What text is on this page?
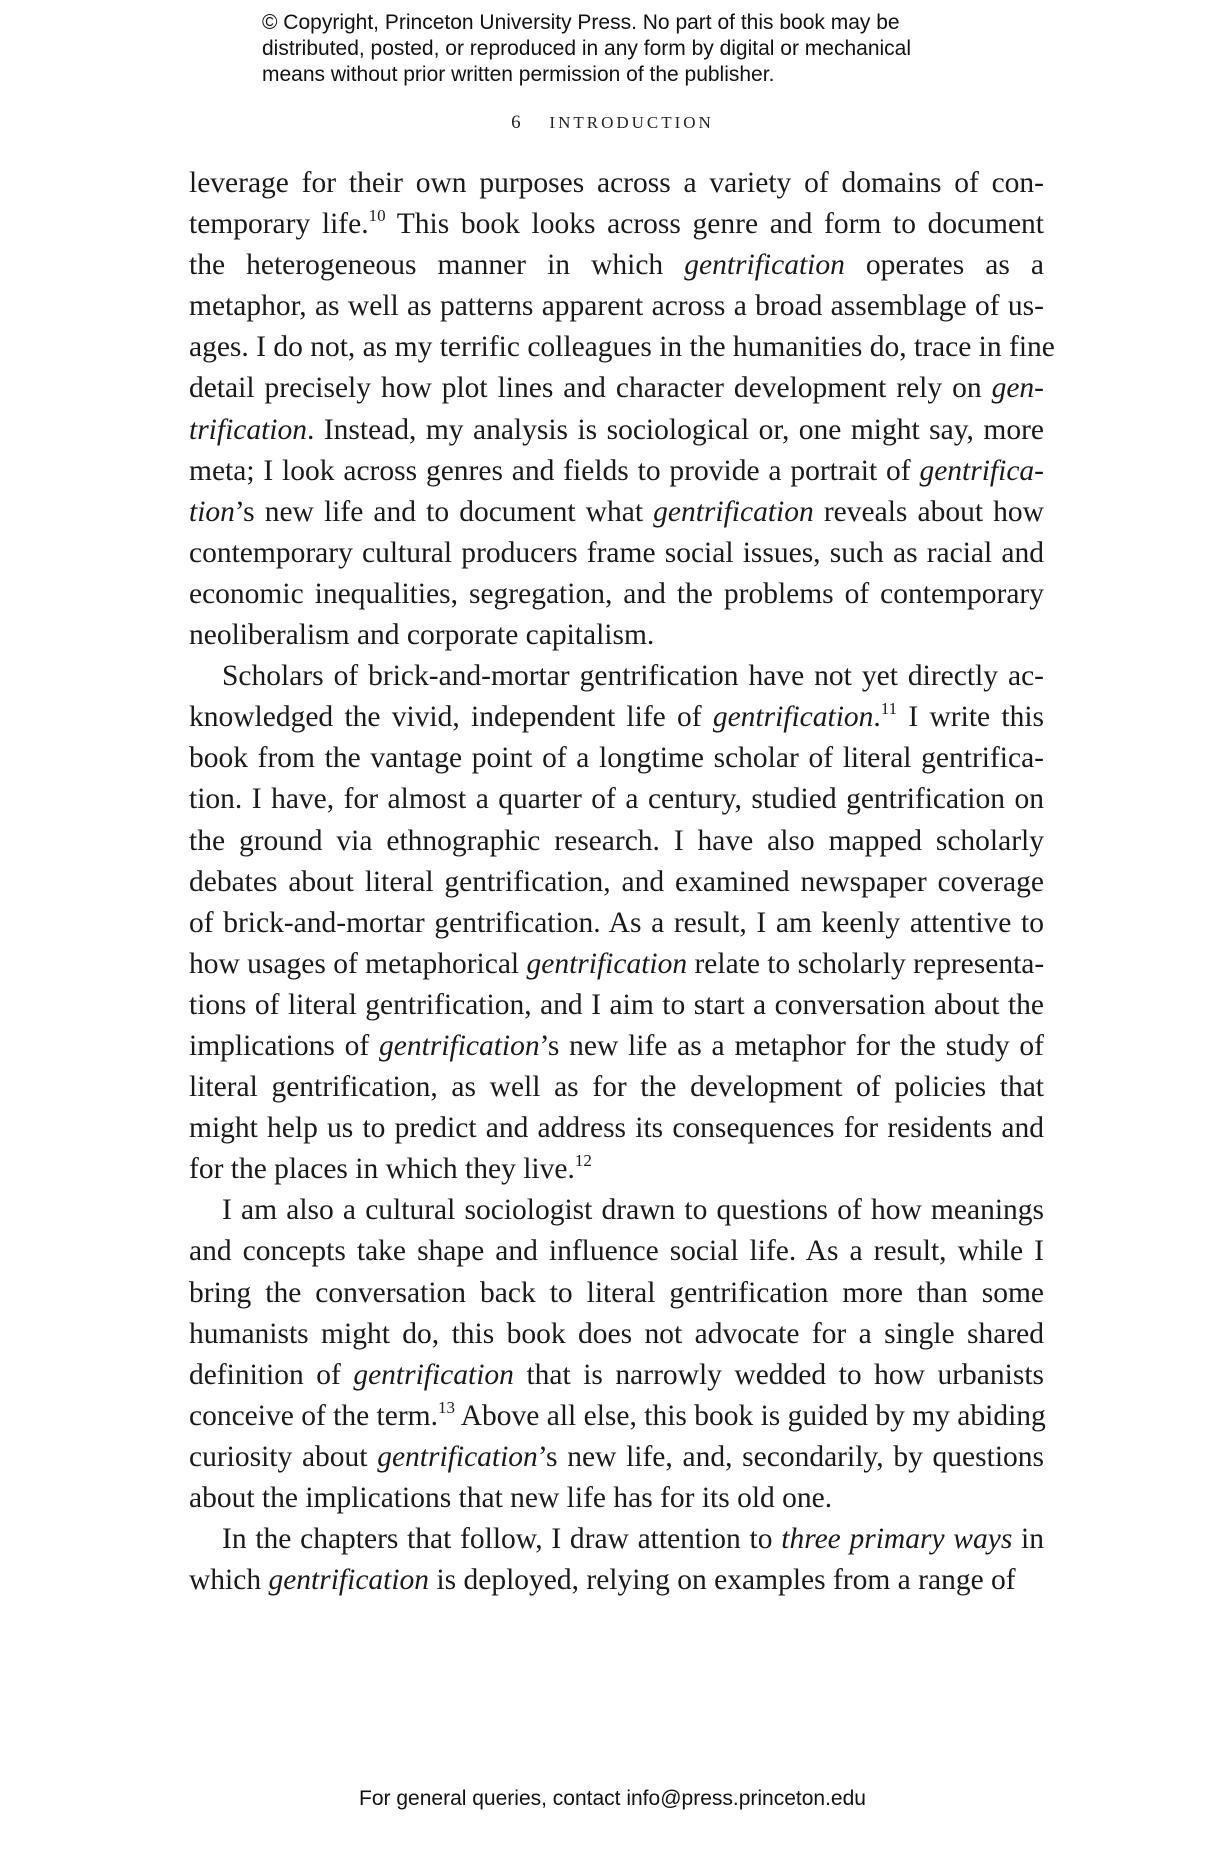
© Copyright, Princeton University Press. No part of this book may be
distributed, posted, or reproduced in any form by digital or mechanical
means without prior written permission of the publisher.
6 INTRODUCTION
leverage for their own purposes across a variety of domains of con-
temporary life.$^{10}$ This book looks across genre and form to document
the heterogeneous manner in which gentrification operates as a
metaphor, as well as patterns apparent across a broad assemblage of us-
ages. I do not, as my terrific colleagues in the humanities do, trace in fine
detail precisely how plot lines and character development rely on gen-
trification. Instead, my analysis is sociological or, one might say, more
meta; I look across genres and fields to provide a portrait of gentrifica-
tion’s new life and to document what gentrification reveals about how
contemporary cultural producers frame social issues, such as racial and
economic inequalities, segregation, and the problems of contemporary
neoliberalism and corporate capitalism.
Scholars of brick-and-mortar gentrification have not yet directly ac-
knowledged the vivid, independent life of gentrification.$^{11}$ I write this
book from the vantage point of a longtime scholar of literal gentrifica-
tion. I have, for almost a quarter of a century, studied gentrification on
the ground via ethnographic research. I have also mapped scholarly
debates about literal gentrification, and examined newspaper coverage
of brick-and-mortar gentrification. As a result, I am keenly attentive to
how usages of metaphorical gentrification relate to scholarly representa-
tions of literal gentrification, and I aim to start a conversation about the
implications of gentrification’s new life as a metaphor for the study of
literal gentrification, as well as for the development of policies that
might help us to predict and address its consequences for residents and
for the places in which they live.$^{12}$
I am also a cultural sociologist drawn to questions of how meanings
and concepts take shape and influence social life. As a result, while I
bring the conversation back to literal gentrification more than some
humanists might do, this book does not advocate for a single shared
definition of gentrification that is narrowly wedded to how urbanists
conceive of the term.$^{13}$ Above all else, this book is guided by my abiding
curiosity about gentrification’s new life, and, secondarily, by questions
about the implications that new life has for its old one.
In the chapters that follow, I draw attention to three primary ways in
which gentrification is deployed, relying on examples from a range of
For general queries, contact info@press.princeton.edu
